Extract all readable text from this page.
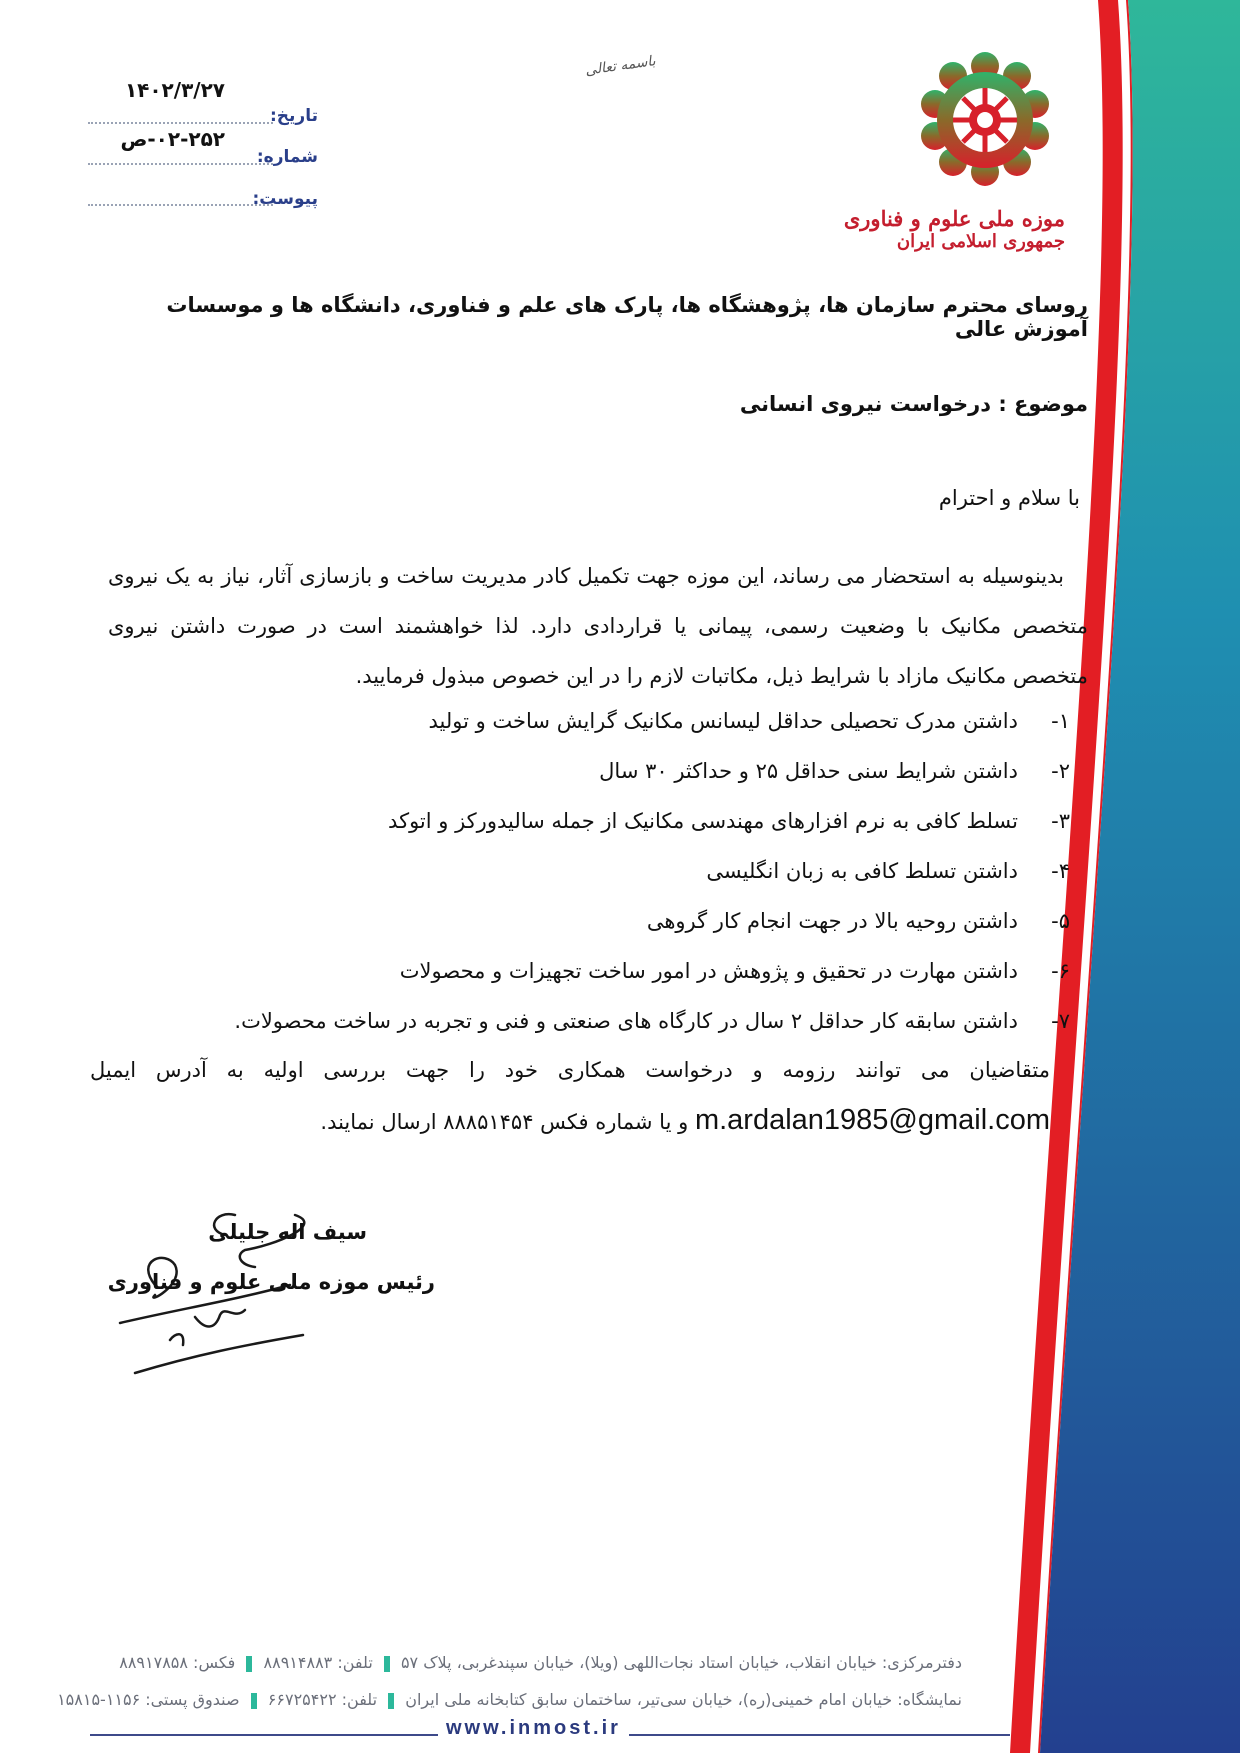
موزه ملی علوم و فناوری
جمهوری اسلامی ایران
باسمه تعالی
تاریخ:
۱۴۰۲/۳/۲۷
شماره:
۰۲-۲۵۲-ص
پیوست:
روسای محترم سازمان ها، پژوهشگاه ها، پارک های علم و فناوری، دانشگاه ها و موسسات آموزش عالی
موضوع : درخواست نیروی انسانی
با سلام و احترام
بدینوسیله به استحضار می رساند، این موزه جهت تکمیل کادر مدیریت ساخت و بازسازی آثار، نیاز به یک نیروی متخصص مکانیک با وضعیت رسمی، پیمانی یا قراردادی دارد. لذا خواهشمند است در صورت داشتن نیروی متخصص مکانیک مازاد با شرایط ذیل، مکاتبات لازم را در این خصوص مبذول فرمایید.
۱-
داشتن مدرک تحصیلی حداقل لیسانس مکانیک گرایش ساخت و تولید
۲-
داشتن شرایط سنی حداقل ۲۵ و حداکثر ۳۰ سال
۳-
تسلط کافی به نرم افزارهای مهندسی مکانیک از جمله سالیدورکز و اتوکد
۴-
داشتن تسلط کافی به زبان انگلیسی
۵-
داشتن روحیه بالا در جهت انجام کار گروهی
۶-
داشتن مهارت در تحقیق و پژوهش در امور ساخت تجهیزات و محصولات
۷-
داشتن سابقه کار حداقل ۲ سال در کارگاه های صنعتی و فنی و تجربه در ساخت محصولات.
متقاضیان می توانند رزومه و درخواست همکاری خود را جهت بررسی اولیه به آدرس ایمیل m.ardalan1985@gmail.com و یا شماره فکس ۸۸۸۵۱۴۵۴ ارسال نمایند.
سیف اله جلیلی
رئیس موزه ملی علوم و فناوری
دفترمرکزی: خیابان انقلاب، خیابان استاد نجات‌اللهی (ویلا)، خیابان سپندغربی، پلاک ۵۷  تلفن: ۸۸۹۱۴۸۸۳  فکس: ۸۸۹۱۷۸۵۸
نمایشگاه: خیابان امام خمینی(ره)، خیابان سی‌تیر، ساختمان سابق کتابخانه ملی ایران  تلفن: ۶۶۷۲۵۴۲۲  صندوق پستی: ۱۱۵۶-۱۵۸۱۵
www.inmost.ir
